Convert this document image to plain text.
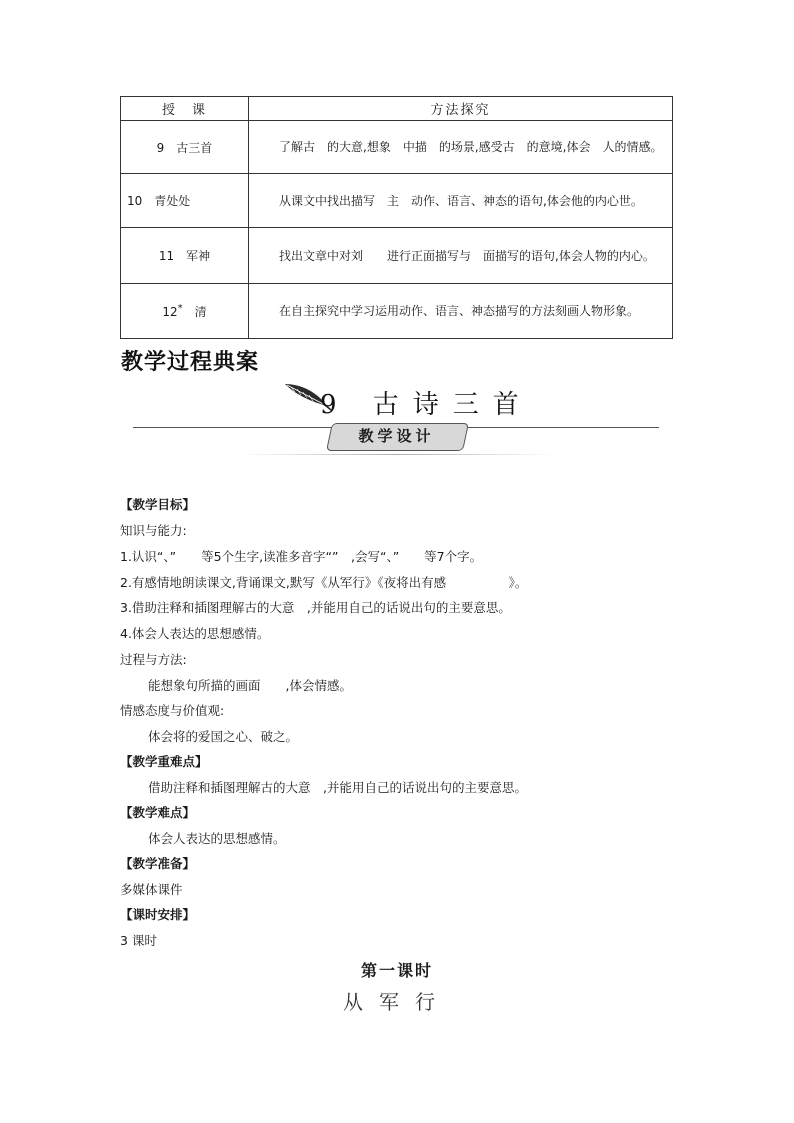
授　课	方法探究
9　古三首	了解古　的大意,想象　中描　的场景,感受古　的意境,体会　人的情感。
10　青处处	从课文中找出描写　主　动作、语言、神态的语句,体会他的内心世。
11　军神	找出文章中对刘　　进行正面描写与　面描写的语句,体会人物的内心。
12*　清	在自主探究中学习运用动作、语言、神态描写的方法刻画人物形象。
教学过程典案
9 古诗三首
教学设计
【教学目标】
知识与能力:
1.认识“、”　　等5个生字,读准多音字“”　,会写“、”　　等7个字。
2.有感情地朗读课文,背诵课文,默写《从军行》《夜将出有感　　　　　》。
3.借助注释和插图理解古的大意　,并能用自己的话说出句的主要意思。
4.体会人表达的思想感情。
过程与方法:
能想象句所描的画面　　,体会情感。
情感态度与价值观:
体会将的爱国之心、破之。
【教学重难点】
借助注释和插图理解古的大意　,并能用自己的话说出句的主要意思。
【教学难点】
体会人表达的思想感情。
【教学准备】
多媒体课件
【课时安排】
3 课时
第一课时
从军行
